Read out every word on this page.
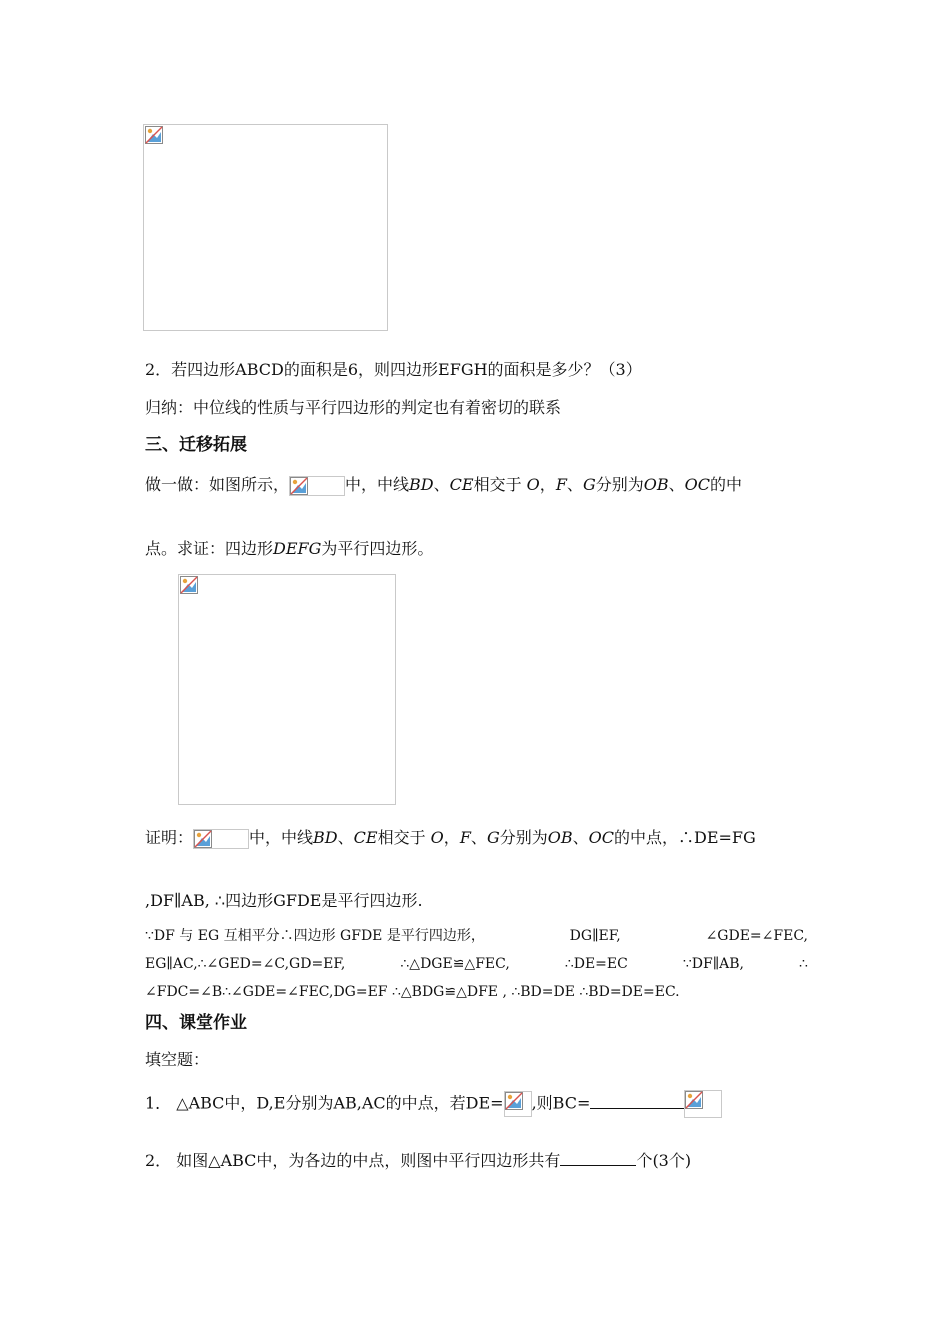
2．若四边形ABCD的面积是6，则四边形EFGH的面积是多少？（3）
归纳：中位线的性质与平行四边形的判定也有着密切的联系
三、迁移拓展
做一做：如图所示，	中，中线BD、CE相交于 O，F、G分别为OB、OC的中
点。求证：四边形DEFG为平行四边形。
证明：	中，中线BD、CE相交于 O，F、G分别为OB、OC的中点，∴DE=FG
,DF∥AB, ∴四边形GFDE是平行四边形.
∵DF 与 EG 互相平分∴四边形 GFDE 是平行四边形，	DG∥EF,	∠GDE=∠FEC,
EG∥AC,∴∠GED=∠C,GD=EF,	∴△DGE≌△FEC,	∴DE=EC	∵DF∥AB,	∴
∠FDC=∠B∴∠GDE=∠FEC,DG=EF ∴△BDG≌△DFE , ∴BD=DE ∴BD=DE=EC.
四、课堂作业
填空题：
1． △ABC中，D,E分别为AB,AC的中点，若DE= ,则BC=
2． 如图△ABC中，为各边的中点，则图中平行四边形共有	个(3个)
